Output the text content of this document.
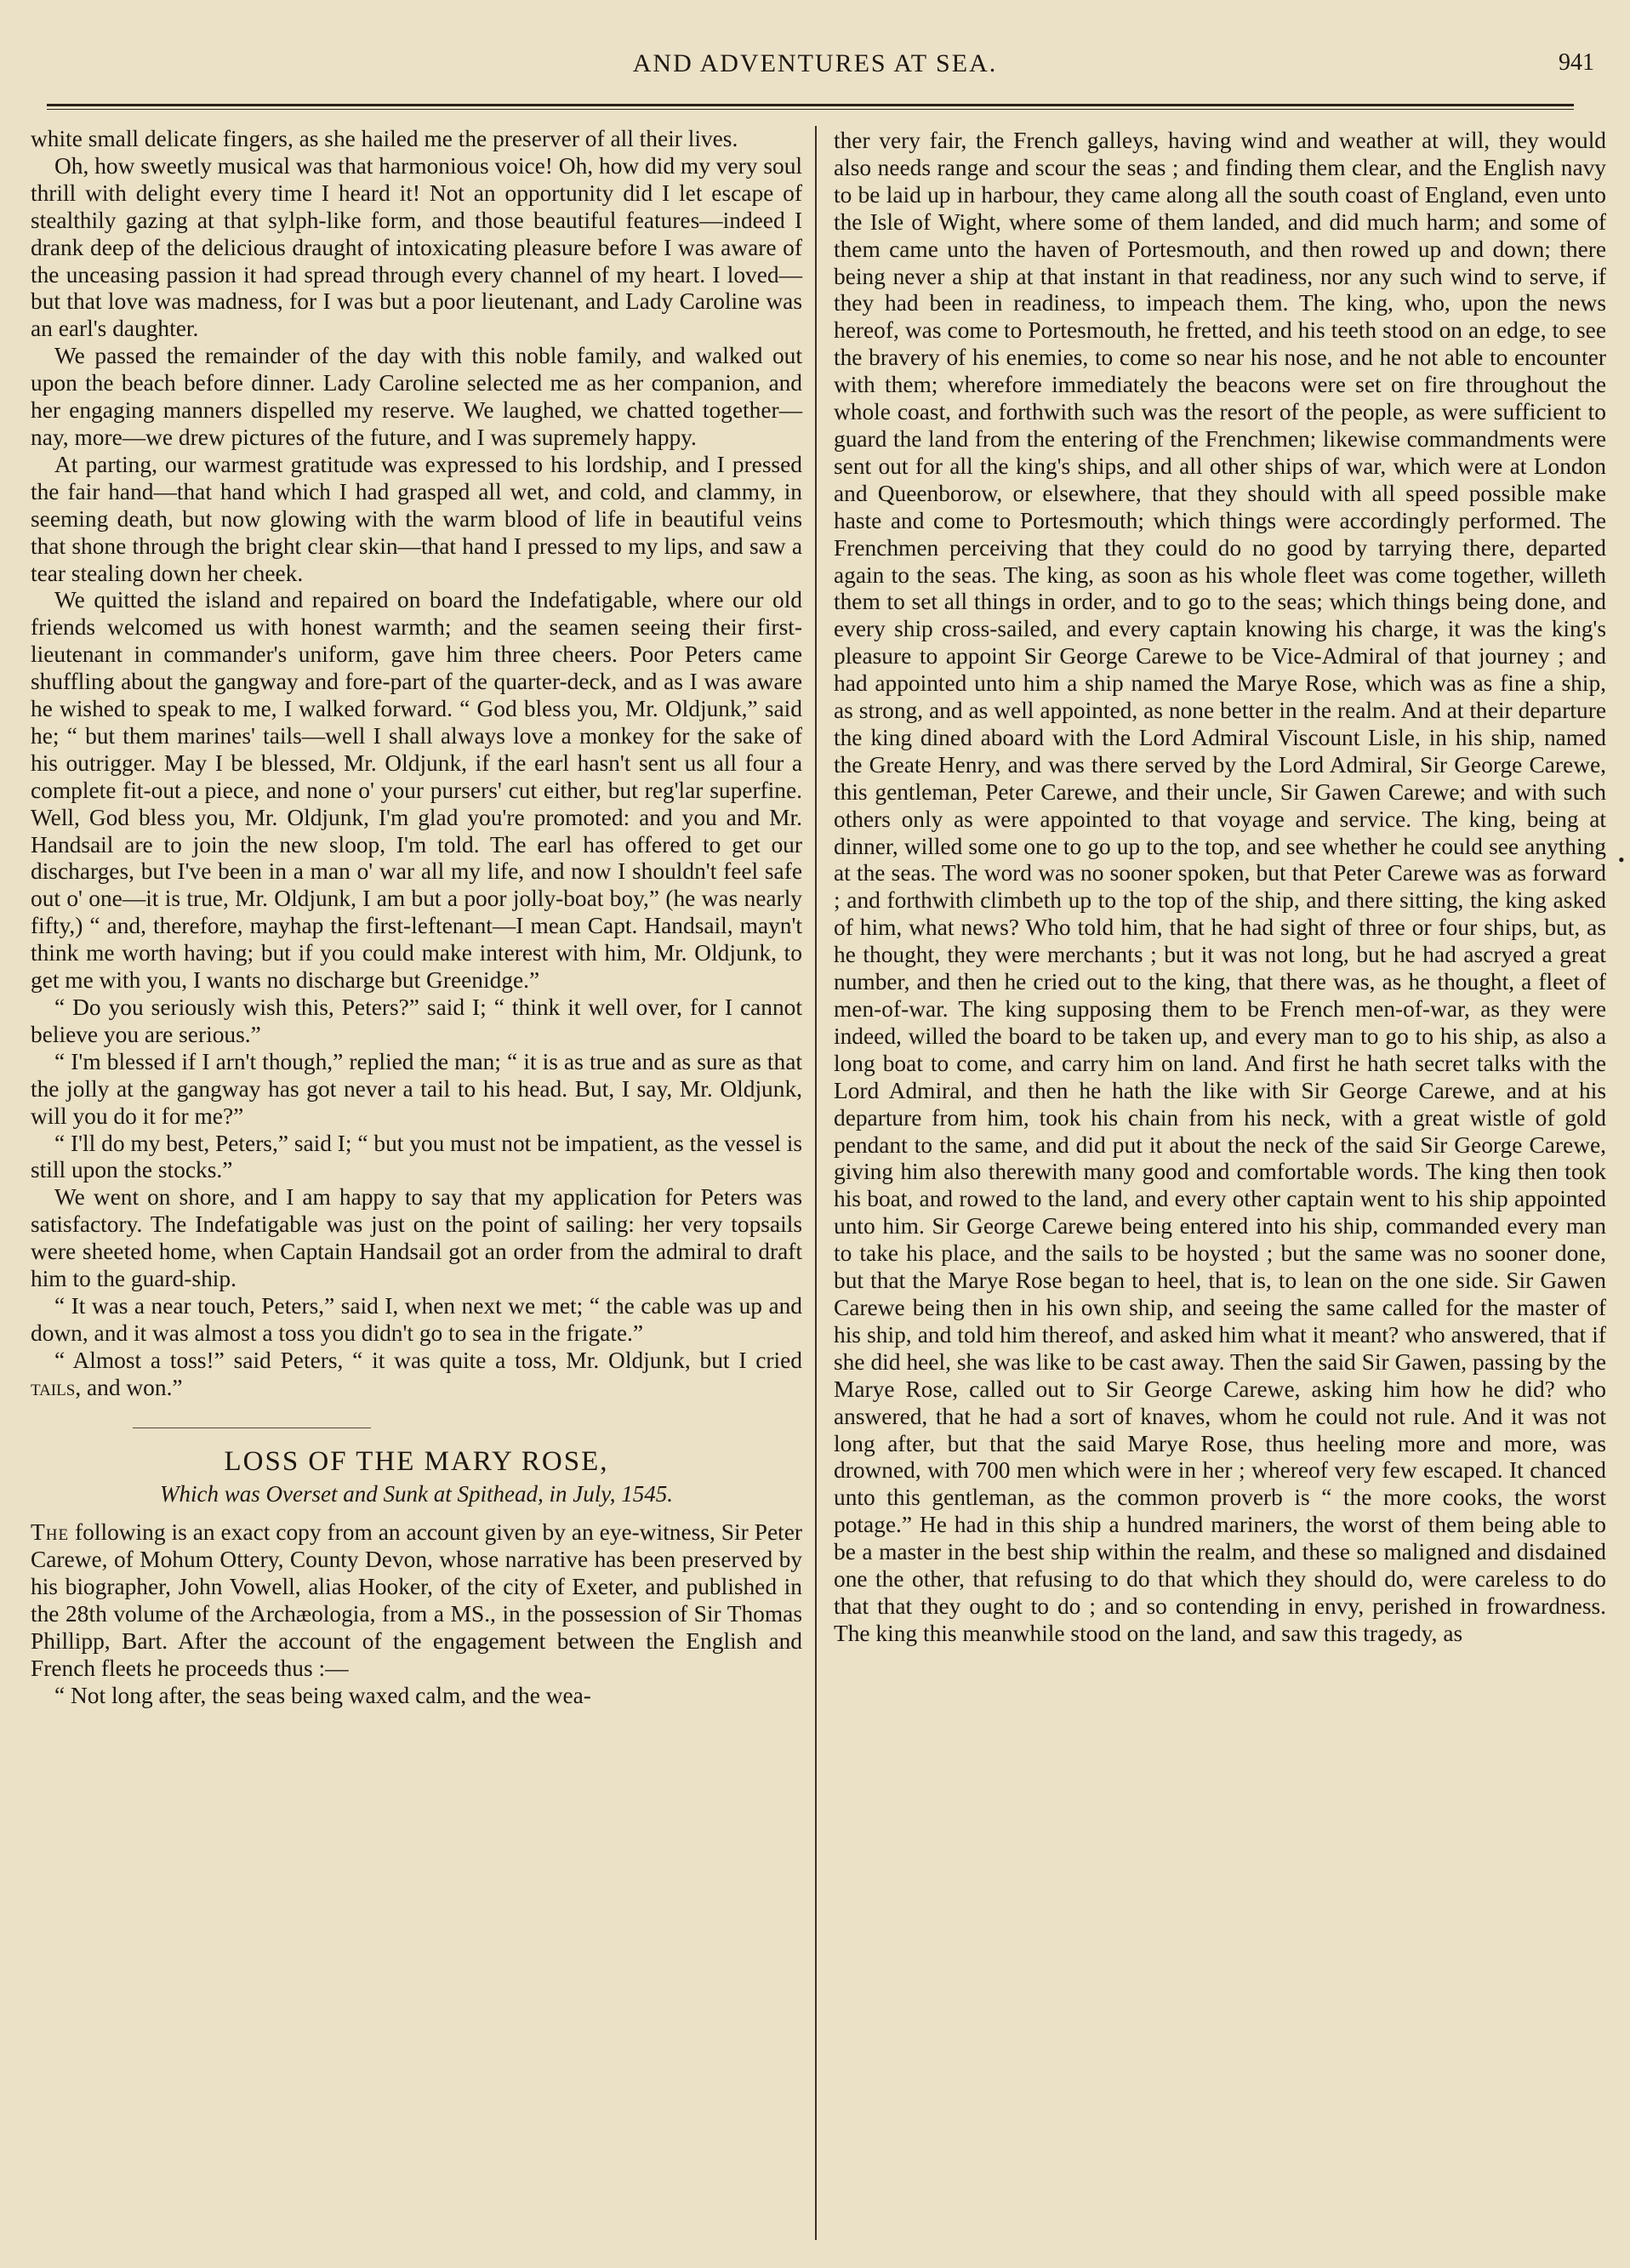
AND ADVENTURES AT SEA.	941

white small delicate fingers, as she hailed me the preserver of all their lives.

Oh, how sweetly musical was that harmonious voice! Oh, how did my very soul thrill with delight every time I heard it! Not an opportunity did I let escape of stealthily gazing at that sylph-like form, and those beautiful features—indeed I drank deep of the delicious draught of intoxicating pleasure before I was aware of the unceasing passion it had spread through every channel of my heart. I loved—but that love was madness, for I was but a poor lieutenant, and Lady Caroline was an earl's daughter.

We passed the remainder of the day with this noble family, and walked out upon the beach before dinner. Lady Caroline selected me as her companion, and her engaging manners dispelled my reserve. We laughed, we chatted together—nay, more—we drew pictures of the future, and I was supremely happy.

At parting, our warmest gratitude was expressed to his lordship, and I pressed the fair hand—that hand which I had grasped all wet, and cold, and clammy, in seeming death, but now glowing with the warm blood of life in beautiful veins that shone through the bright clear skin—that hand I pressed to my lips, and saw a tear stealing down her cheek.

We quitted the island and repaired on board the Indefatigable, where our old friends welcomed us with honest warmth; and the seamen seeing their first-lieutenant in commander's uniform, gave him three cheers. Poor Peters came shuffling about the gangway and fore-part of the quarter-deck, and as I was aware he wished to speak to me, I walked forward. “ God bless you, Mr. Oldjunk,” said he; “ but them marines' tails—well I shall always love a monkey for the sake of his outrigger. May I be blessed, Mr. Oldjunk, if the earl hasn't sent us all four a complete fit-out a piece, and none o' your pursers' cut either, but reg'lar superfine. Well, God bless you, Mr. Oldjunk, I'm glad you're promoted: and you and Mr. Handsail are to join the new sloop, I'm told. The earl has offered to get our discharges, but I've been in a man o' war all my life, and now I shouldn't feel safe out o' one—it is true, Mr. Oldjunk, I am but a poor jolly-boat boy,” (he was nearly fifty,) “ and, therefore, mayhap the first-leftenant—I mean Capt. Handsail, mayn't think me worth having; but if you could make interest with him, Mr. Oldjunk, to get me with you, I wants no discharge but Greenidge.”

“ Do you seriously wish this, Peters?” said I; “ think it well over, for I cannot believe you are serious.”

“ I'm blessed if I arn't though,” replied the man; “ it is as true and as sure as that the jolly at the gangway has got never a tail to his head. But, I say, Mr. Oldjunk, will you do it for me?”

“ I'll do my best, Peters,” said I; “ but you must not be impatient, as the vessel is still upon the stocks.”

We went on shore, and I am happy to say that my application for Peters was satisfactory. The Indefatigable was just on the point of sailing: her very topsails were sheeted home, when Captain Handsail got an order from the admiral to draft him to the guard-ship.

“ It was a near touch, Peters,” said I, when next we met; “ the cable was up and down, and it was almost a toss you didn't go to sea in the frigate.”

“ Almost a toss!” said Peters, “ it was quite a toss, Mr. Oldjunk, but I cried tails, and won.”

LOSS OF THE MARY ROSE,
Which was Overset and Sunk at Spithead, in July, 1545.

The following is an exact copy from an account given by an eye-witness, Sir Peter Carewe, of Mohum Ottery, County Devon, whose narrative has been preserved by his biographer, John Vowell, alias Hooker, of the city of Exeter, and published in the 28th volume of the Archæologia, from a MS., in the possession of Sir Thomas Phillipp, Bart. After the account of the engagement between the English and French fleets he proceeds thus :—

“ Not long after, the seas being waxed calm, and the wea-

ther very fair, the French galleys, having wind and weather at will, they would also needs range and scour the seas ; and finding them clear, and the English navy to be laid up in harbour, they came along all the south coast of England, even unto the Isle of Wight, where some of them landed, and did much harm; and some of them came unto the haven of Portesmouth, and then rowed up and down; there being never a ship at that instant in that readiness, nor any such wind to serve, if they had been in readiness, to impeach them. The king, who, upon the news hereof, was come to Portesmouth, he fretted, and his teeth stood on an edge, to see the bravery of his enemies, to come so near his nose, and he not able to encounter with them; wherefore immediately the beacons were set on fire throughout the whole coast, and forthwith such was the resort of the people, as were sufficient to guard the land from the entering of the Frenchmen; likewise commandments were sent out for all the king's ships, and all other ships of war, which were at London and Queenborow, or elsewhere, that they should with all speed possible make haste and come to Portesmouth; which things were accordingly performed. The Frenchmen perceiving that they could do no good by tarrying there, departed again to the seas. The king, as soon as his whole fleet was come together, willeth them to set all things in order, and to go to the seas; which things being done, and every ship cross-sailed, and every captain knowing his charge, it was the king's pleasure to appoint Sir George Carewe to be Vice-Admiral of that journey ; and had appointed unto him a ship named the Marye Rose, which was as fine a ship, as strong, and as well appointed, as none better in the realm. And at their departure the king dined aboard with the Lord Admiral Viscount Lisle, in his ship, named the Greate Henry, and was there served by the Lord Admiral, Sir George Carewe, this gentleman, Peter Carewe, and their uncle, Sir Gawen Carewe; and with such others only as were appointed to that voyage and service. The king, being at dinner, willed some one to go up to the top, and see whether he could see anything at the seas. The word was no sooner spoken, but that Peter Carewe was as forward ; and forthwith climbeth up to the top of the ship, and there sitting, the king asked of him, what news? Who told him, that he had sight of three or four ships, but, as he thought, they were merchants ; but it was not long, but he had ascryed a great number, and then he cried out to the king, that there was, as he thought, a fleet of men-of-war. The king supposing them to be French men-of-war, as they were indeed, willed the board to be taken up, and every man to go to his ship, as also a long boat to come, and carry him on land. And first he hath secret talks with the Lord Admiral, and then he hath the like with Sir George Carewe, and at his departure from him, took his chain from his neck, with a great wistle of gold pendant to the same, and did put it about the neck of the said Sir George Carewe, giving him also therewith many good and comfortable words. The king then took his boat, and rowed to the land, and every other captain went to his ship appointed unto him. Sir George Carewe being entered into his ship, commanded every man to take his place, and the sails to be hoysted ; but the same was no sooner done, but that the Marye Rose began to heel, that is, to lean on the one side. Sir Gawen Carewe being then in his own ship, and seeing the same called for the master of his ship, and told him thereof, and asked him what it meant? who answered, that if she did heel, she was like to be cast away. Then the said Sir Gawen, passing by the Marye Rose, called out to Sir George Carewe, asking him how he did? who answered, that he had a sort of knaves, whom he could not rule. And it was not long after, but that the said Marye Rose, thus heeling more and more, was drowned, with 700 men which were in her ; whereof very few escaped. It chanced unto this gentleman, as the common proverb is “ the more cooks, the worst potage.” He had in this ship a hundred mariners, the worst of them being able to be a master in the best ship within the realm, and these so maligned and disdained one the other, that refusing to do that which they should do, were careless to do that that they ought to do ; and so contending in envy, perished in frowardness. The king this meanwhile stood on the land, and saw this tragedy, as

•
